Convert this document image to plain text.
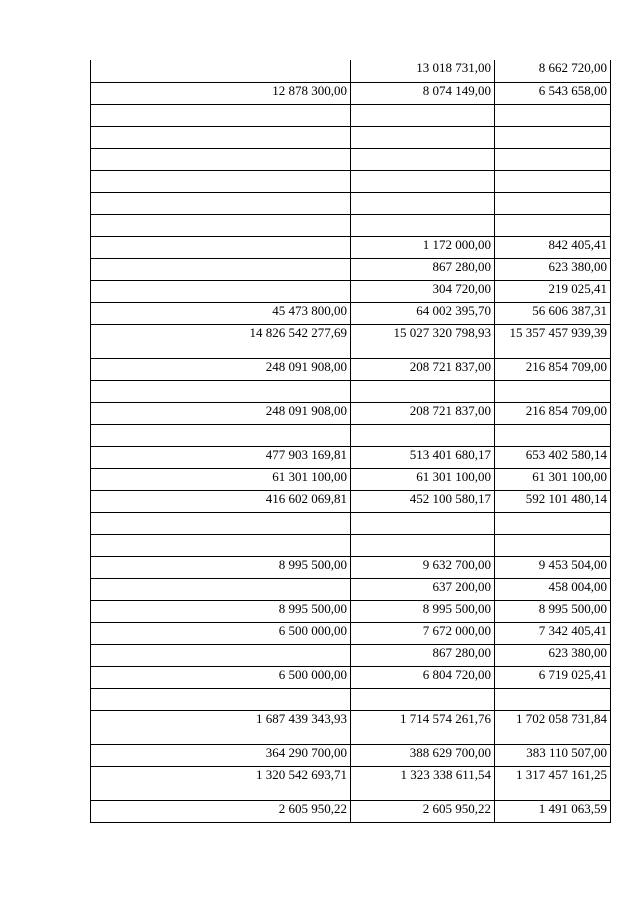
	13 018 731,00	8 662 720,00
12 878 300,00	8 074 149,00	6 543 658,00

	1 172 000,00	842 405,41
	867 280,00	623 380,00
	304 720,00	219 025,41
45 473 800,00	64 002 395,70	56 606 387,31
14 826 542 277,69	15 027 320 798,93	15 357 457 939,39
248 091 908,00	208 721 837,00	216 854 709,00

248 091 908,00	208 721 837,00	216 854 709,00

477 903 169,81	513 401 680,17	653 402 580,14
61 301 100,00	61 301 100,00	61 301 100,00
416 602 069,81	452 100 580,17	592 101 480,14

8 995 500,00	9 632 700,00	9 453 504,00
	637 200,00	458 004,00
8 995 500,00	8 995 500,00	8 995 500,00
6 500 000,00	7 672 000,00	7 342 405,41
	867 280,00	623 380,00
6 500 000,00	6 804 720,00	6 719 025,41

1 687 439 343,93	1 714 574 261,76	1 702 058 731,84
364 290 700,00	388 629 700,00	383 110 507,00
1 320 542 693,71	1 323 338 611,54	1 317 457 161,25
2 605 950,22	2 605 950,22	1 491 063,59
